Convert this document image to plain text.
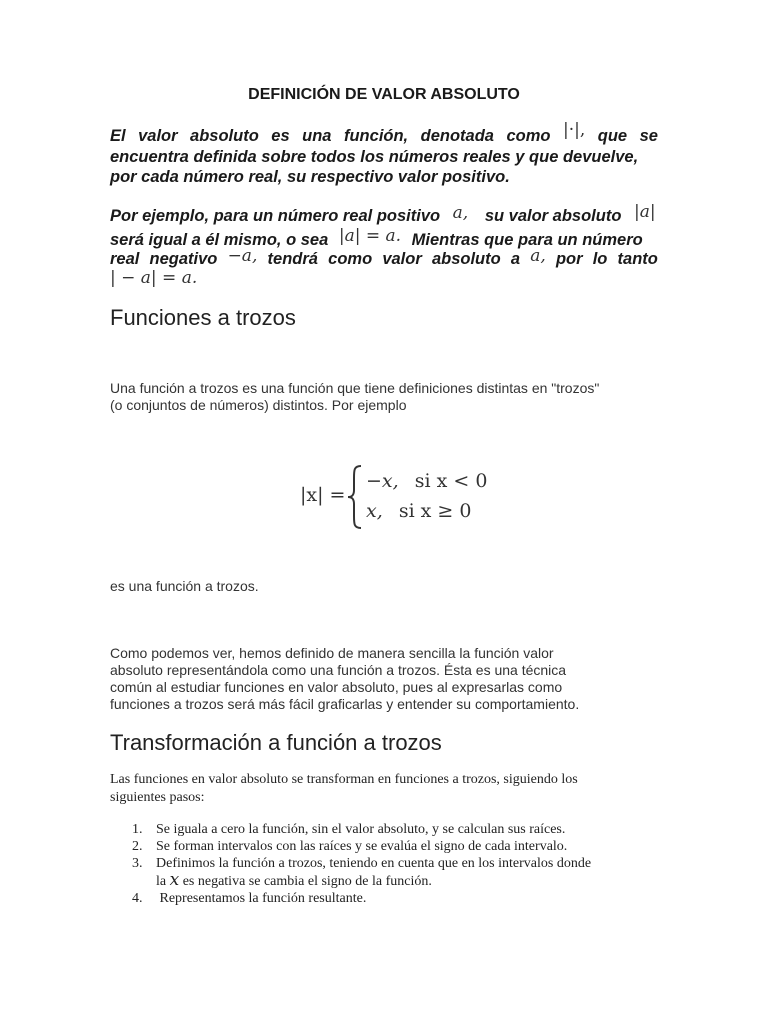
DEFINICIÓN DE VALOR ABSOLUTO
El valor absoluto es una función, denotada como |·|, que se
encuentra definida sobre todos los números reales y que devuelve,
por cada número real, su respectivo valor positivo.
Por ejemplo, para un número real positivo a, su valor absoluto |a|
será igual a él mismo, o sea |a| = a. Mientras que para un número
real negativo −a, tendrá como valor absoluto a a, por lo tanto
| − a| = a.
Funciones a trozos
Una función a trozos es una función que tiene definiciones distintas en "trozos"
(o conjuntos de números) distintos. Por ejemplo
|x| =
−x, si x < 0
x, si x ≥ 0
es una función a trozos.
Como podemos ver, hemos definido de manera sencilla la función valor
absoluto representándola como una función a trozos. Ésta es una técnica
común al estudiar funciones en valor absoluto, pues al expresarlas como
funciones a trozos será más fácil graficarlas y entender su comportamiento.
Transformación a función a trozos
Las funciones en valor absoluto se transforman en funciones a trozos, siguiendo los
siguientes pasos:
1. Se iguala a cero la función, sin el valor absoluto, y se calculan sus raíces.
2. Se forman intervalos con las raíces y se evalúa el signo de cada intervalo.
3. Definimos la función a trozos, teniendo en cuenta que en los intervalos donde
la x es negativa se cambia el signo de la función.
4. Representamos la función resultante.
